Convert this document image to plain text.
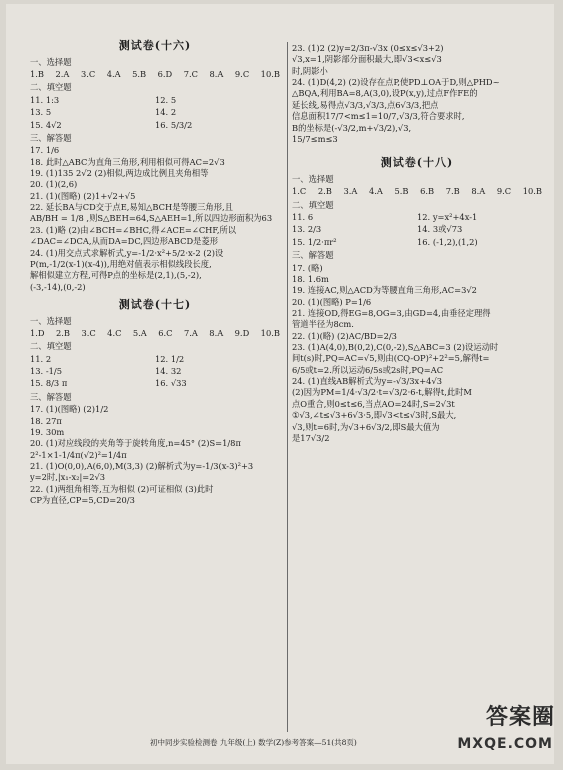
测试卷(十六)
一、选择题
1.B 2.A 3.C 4.A 5.B 6.D 7.C 8.A 9.C 10.B
二、填空题
11. 1:3	12. 5
13. 5	14. 2
15. 4√2	16. 5/3/2
三、解答题
17. 1/6
18. 此时△ABC为直角三角形,利用相似可得AC=2√3
19. (1)135 2√2 (2)相似,两边成比例且夹角相等
20. (1)(2,6)
21. (1)(图略) (2)1+√2+√5
22. 延长BA与CD交于点E,易知△BCH是等腰三角形,且
AB/BH = 1/8 ,则S△BEH=64,S△AEH=1,所以四边形面积为63
23. (1)略 (2)由∠BCH=∠BHC,得∠ACE=∠CHF,所以
∠DAC=∠DCA,从而DA=DC,四边形ABCD是菱形
24. (1)用交点式求解析式,y=-1/2·x²+5/2·x-2 (2)设
P(m,-1/2(x-1)(x-4)),用绝对值表示相似线段长度,
解相似建立方程,可得P点的坐标是(2,1),(5,-2),
(-3,-14),(0,-2)
测试卷(十七)
一、选择题
1.D 2.B 3.C 4.C 5.A 6.C 7.A 8.A 9.D 10.B
二、填空题
11. 2	12. 1/2
13. -1/5	14. 32
15. 8/3 π	16. √33
三、解答题
17. (1)(图略) (2)1/2
18. 27π
19. 30m
20. (1)对应线段的夹角等于旋转角度,n=45° (2)S=1/8π
2²-1×1-1/4π(√2)²=1/4π
21. (1)O(0,0),A(6,0),M(3,3) (2)解析式为y=-1/3(x-3)²+3
y=2时,|x₁-x₂|=2√3
22. (1)两组角相等,互为相似 (2)可证相似 (3)此时
CP为直径,CP=5,CD=20/3
23. (1)2 (2)y=2/3π-√3x (0≤x≤√3+2)
√3,x=1,阴影部分面积最大,即√3<x≤√3
时,阴影小
24. (1)D(4,2) (2)设存在点P,使PD⊥OA于D,则△PHD~
△BQA,利用BA=8,A(3,0),设P(x,y),过点F作FE的
延长线,易得点√3/3,√3/3,点6√3/3,把点
信息面积17/7<m≤1=10/7,√3/3,符合要求时,
B的坐标是(-√3/2,m+√3/2),√3,
15/7≤m≤3
测试卷(十八)
一、选择题
1.C 2.B 3.A 4.A 5.B 6.B 7.B 8.A 9.C 10.B
二、填空题
11. 6	12. y=x²+4x-1
13. 2/3	14. 3或√73
15. 1/2·πr²	16. (-1,2),(1,2)
三、解答题
17. (略)
18. 1.6m
19. 连接AC,则△ACD为等腰直角三角形,AC=3√2
20. (1)(图略) P=1/6
21. 连接OD,得EG=8,OG=3,由GD=4,由垂径定理得
管道半径为8cm.
22. (1)(略) (2)AC/BD=2/3
23. (1)A(4,0),B(0,2),C(0,-2),S△ABC=3 (2)设运动时
间t(s)时,PQ=AC=√5,则由(CQ-OP)²+2²=5,解得t=
6/5或t=2.所以运动6/5s或2s时,PQ=AC
24. (1)直线AB解析式为y=-√3/3x+4√3
(2)因为PM=1/4·√3/2·t=√3/2·6-t,解得t,此时M
点O重合,则0≤t≤6,当点AO=24时,S=2√3t
①√3,∠t≤√3+6√3·5,即√3<t≤√3时,S最大,
√3,则t=6时,为√3+6√3/2,即S最大值为
是17√3/2
初中同步实验检测卷 九年级(上) 数学(Z)参考答案—51(共8页)
答案圈
MXQE.COM
